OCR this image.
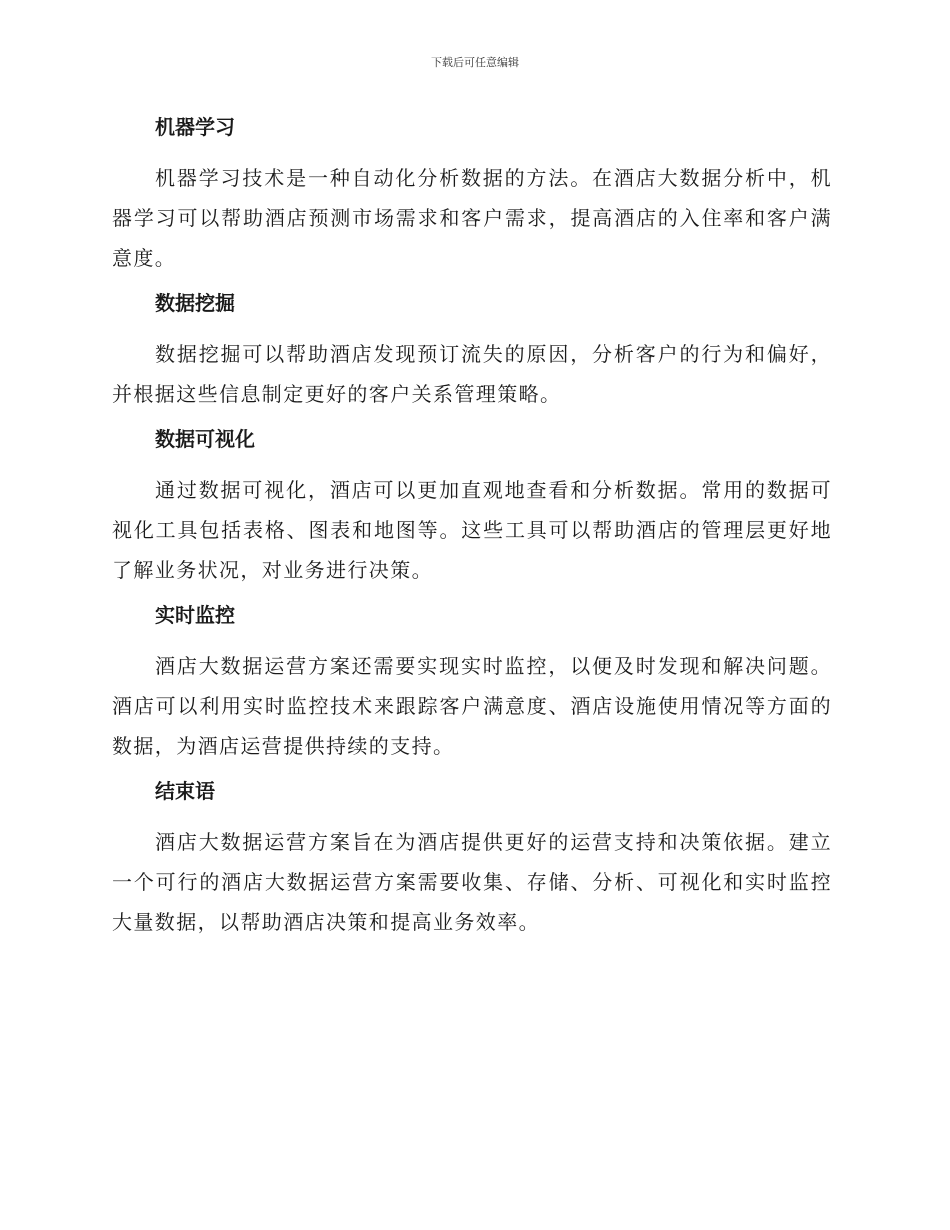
下载后可任意编辑
机器学习

机器学习技术是一种自动化分析数据的方法。在酒店大数据分析中，机器学习可以帮助酒店预测市场需求和客户需求，提高酒店的入住率和客户满意度。

数据挖掘

数据挖掘可以帮助酒店发现预订流失的原因，分析客户的行为和偏好，并根据这些信息制定更好的客户关系管理策略。

数据可视化

通过数据可视化，酒店可以更加直观地查看和分析数据。常用的数据可视化工具包括表格、图表和地图等。这些工具可以帮助酒店的管理层更好地了解业务状况，对业务进行决策。

实时监控

酒店大数据运营方案还需要实现实时监控，以便及时发现和解决问题。酒店可以利用实时监控技术来跟踪客户满意度、酒店设施使用情况等方面的数据，为酒店运营提供持续的支持。

结束语

酒店大数据运营方案旨在为酒店提供更好的运营支持和决策依据。建立一个可行的酒店大数据运营方案需要收集、存储、分析、可视化和实时监控大量数据，以帮助酒店决策和提高业务效率。
